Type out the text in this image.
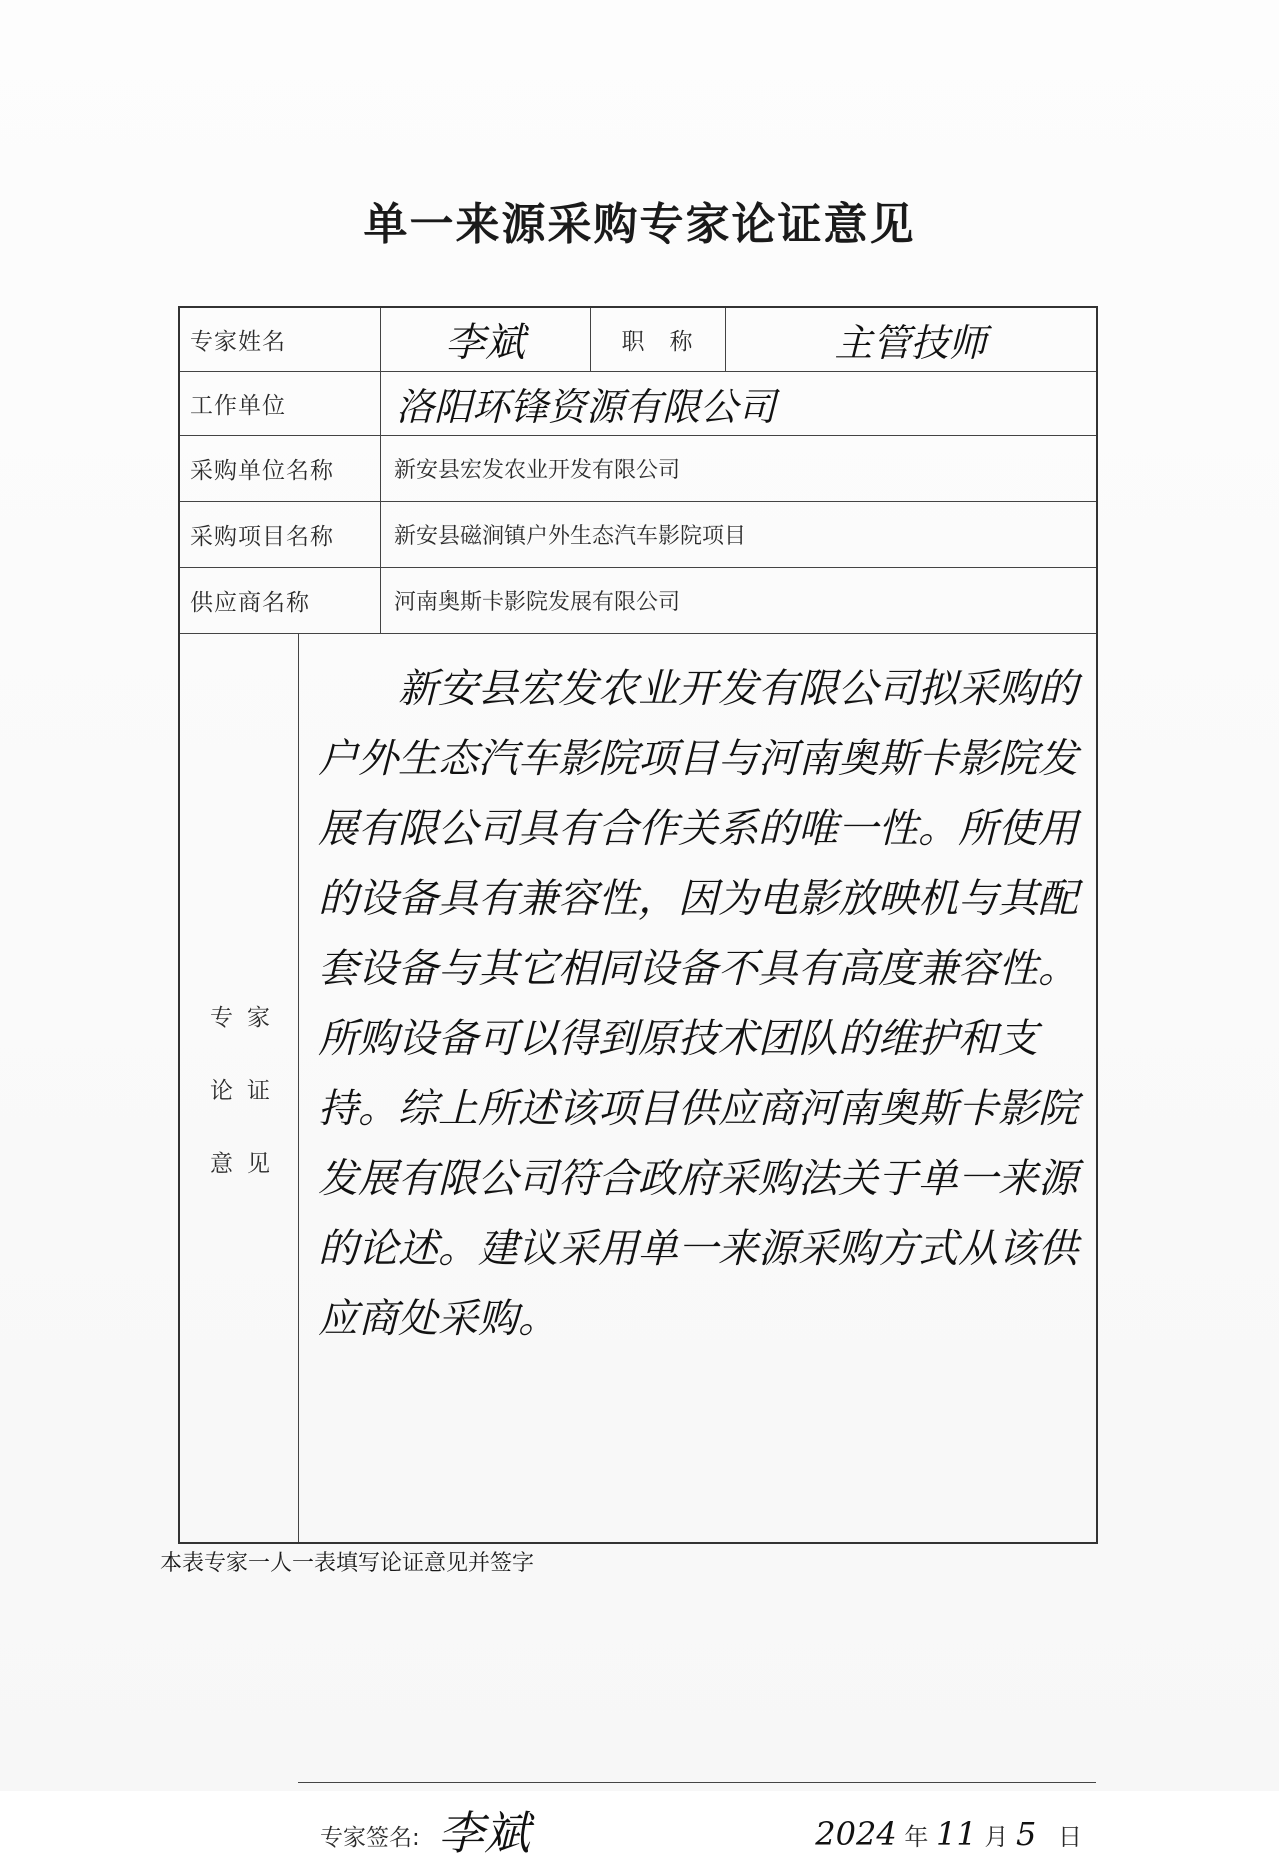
单一来源采购专家论证意见
专家姓名	李斌	职　称	主管技师
工作单位	洛阳环锋资源有限公司
采购单位名称	新安县宏发农业开发有限公司
采购项目名称	新安县磁涧镇户外生态汽车影院项目
供应商名称	河南奥斯卡影院发展有限公司
专家
论证
意见
新安县宏发农业开发有限公司拟采购的户外生态汽车影院项目与河南奥斯卡影院发展有限公司具有合作关系的唯一性。所使用的设备具有兼容性，因为电影放映机与其配套设备与其它相同设备不具有高度兼容性。所购设备可以得到原技术团队的维护和支持。综上所述该项目供应商河南奥斯卡影院发展有限公司符合政府采购法关于单一来源的论述。建议采用单一来源采购方式从该供应商处采购。
专家签名: 李斌	2024 年 11 月 5 日
本表专家一人一表填写论证意见并签字
